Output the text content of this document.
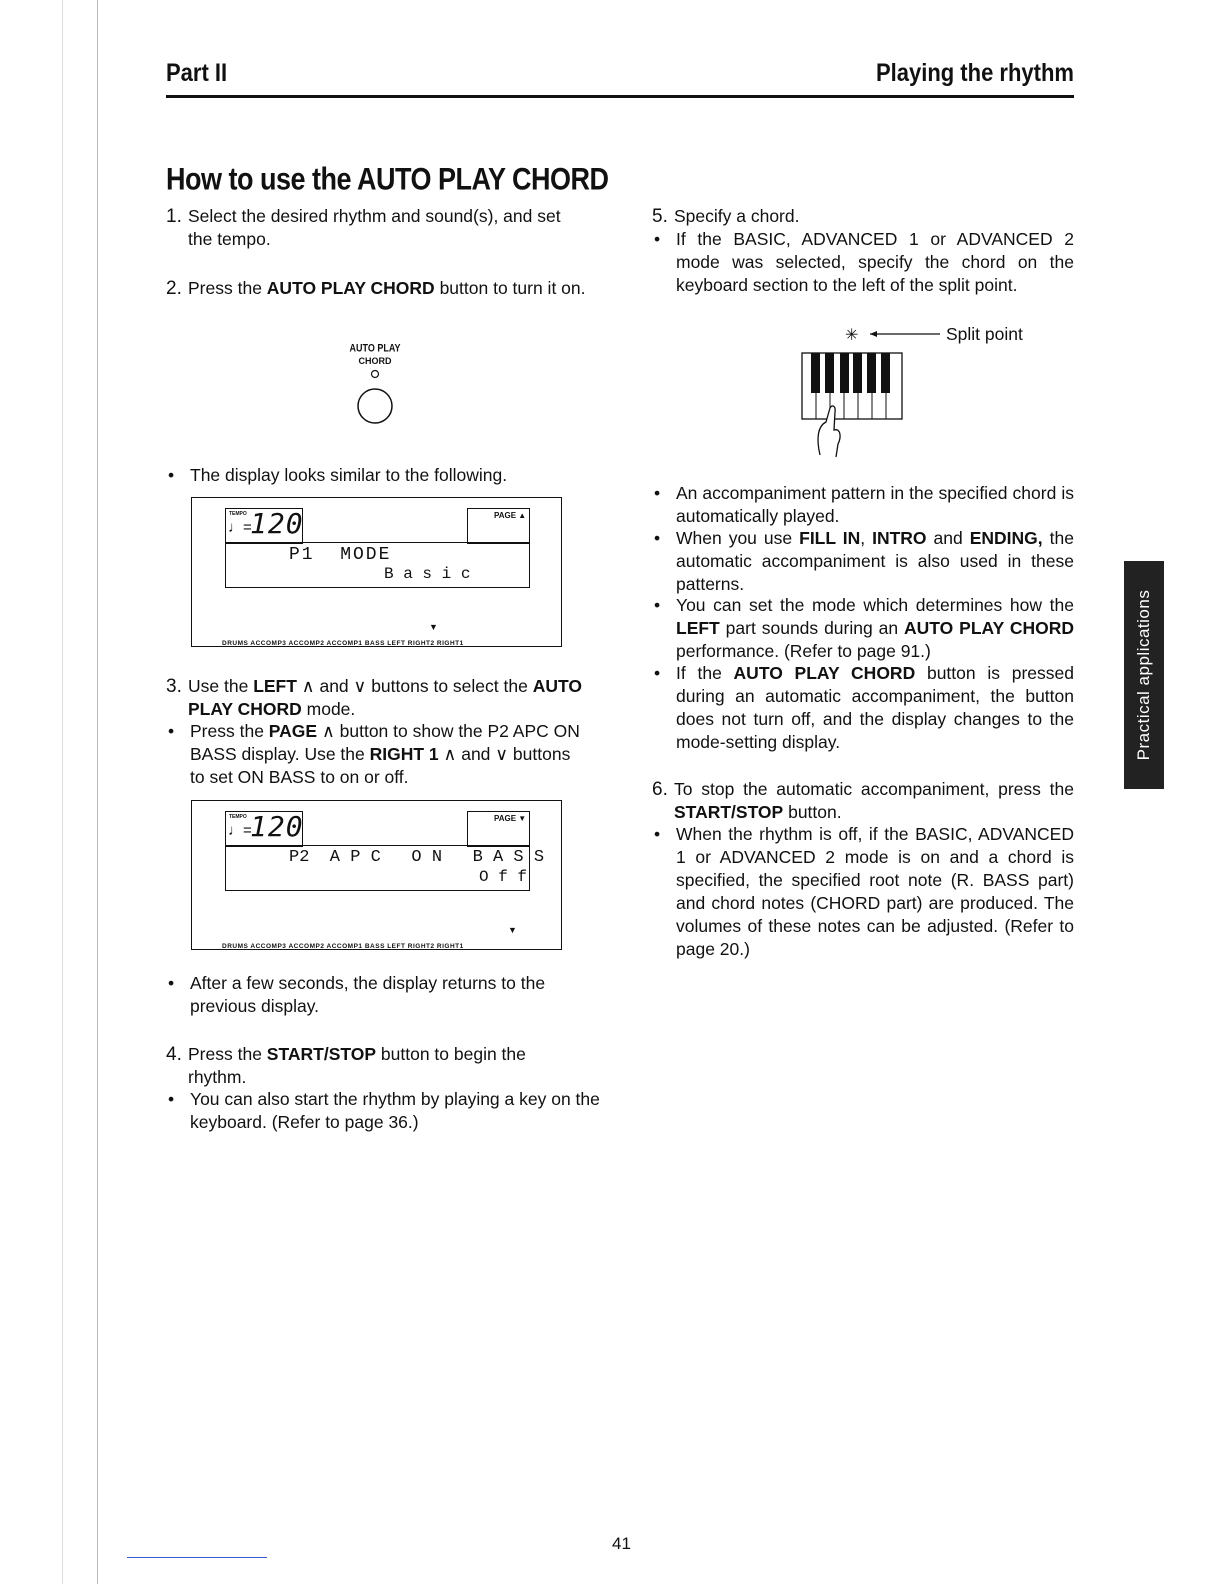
Part II	Playing the rhythm
How to use the AUTO PLAY CHORD
1. Select the desired rhythm and sound(s), and set the tempo.
2. Press the AUTO PLAY CHORD button to turn it on.
AUTO PLAY
CHORD
• The display looks similar to the following.
TEMPO
♩=
120	PAGE ▲
P1  MODE
B a s i c
▼
DRUMS ACCOMP3 ACCOMP2 ACCOMP1 BASS LEFT RIGHT2 RIGHT1
3. Use the LEFT ∧ and ∨ buttons to select the AUTO PLAY CHORD mode.
• Press the PAGE ∧ button to show the P2 APC ON BASS display. Use the RIGHT 1 ∧ and ∨ buttons to set ON BASS to on or off.
TEMPO
♩=
120	PAGE ▼
P2  A P C   O N   B A S S
O f f
▼
DRUMS ACCOMP3 ACCOMP2 ACCOMP1 BASS LEFT RIGHT2 RIGHT1
• After a few seconds, the display returns to the previous display.
4. Press the START/STOP button to begin the rhythm.
• You can also start the rhythm by playing a key on the keyboard. (Refer to page 36.)
5. Specify a chord.
• If the BASIC, ADVANCED 1 or ADVANCED 2 mode was selected, specify the chord on the keyboard section to the left of the split point.
✳	Split point
• An accompaniment pattern in the specified chord is automatically played.
• When you use FILL IN, INTRO and ENDING, the automatic accompaniment is also used in these patterns.
• You can set the mode which determines how the LEFT part sounds during an AUTO PLAY CHORD performance. (Refer to page 91.)
• If the AUTO PLAY CHORD button is pressed during an automatic accompaniment, the button does not turn off, and the display changes to the mode-setting display.
6. To stop the automatic accompaniment, press the START/STOP button.
• When the rhythm is off, if the BASIC, ADVANCED 1 or ADVANCED 2 mode is on and a chord is specified, the specified root note (R. BASS part) and chord notes (CHORD part) are produced. The volumes of these notes can be adjusted. (Refer to page 20.)
Practical applications
41
